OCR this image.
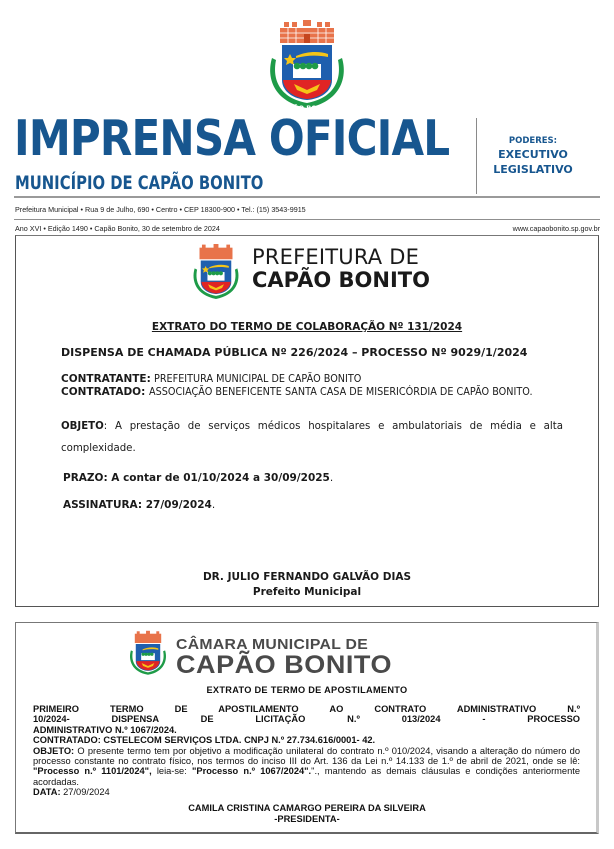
CAPÃO BONITO
IMPRENSA OFICIAL
MUNICÍPIO DE CAPÃO BONITO
PODERES:
EXECUTIVO
LEGISLATIVO
Prefeitura Municipal • Rua 9 de Julho, 690 • Centro • CEP 18300-900 • Tel.: (15) 3543-9915
Ano XVI • Edição 1490 • Capão Bonito, 30 de setembro de 2024	www.capaobonito.sp.gov.br
PREFEITURA DE
CAPÃO BONITO
EXTRATO DO TERMO DE COLABORAÇÃO Nº 131/2024
DISPENSA DE CHAMADA PÚBLICA Nº 226/2024 – PROCESSO Nº 9029/1/2024
CONTRATANTE: PREFEITURA MUNICIPAL DE CAPÃO BONITO
CONTRATADO: ASSOCIAÇÃO BENEFICENTE SANTA CASA DE MISERICÓRDIA DE CAPÃO BONITO.
OBJETO: A prestação de serviços médicos hospitalares e ambulatoriais de média e alta complexidade.
PRAZO: A contar de 01/10/2024 a 30/09/2025.
ASSINATURA: 27/09/2024.
DR. JULIO FERNANDO GALVÃO DIAS
Prefeito Municipal
CÂMARA MUNICIPAL DE
CAPÃO BONITO
EXTRATO DE TERMO DE APOSTILAMENTO
PRIMEIRO TERMO DE APOSTILAMENTO AO CONTRATO ADMINISTRATIVO N.º
10/2024- DISPENSA DE LICITAÇÃO N.º 013/2024 - PROCESSO
ADMINISTRATIVO N.º 1067/2024.
CONTRATADO: CSTELECOM SERVIÇOS LTDA. CNPJ N.º 27.734.616/0001- 42.
OBJETO: O presente termo tem por objetivo a modificação unilateral do contrato n.º 010/2024, visando a alteração do número do processo constante no contrato físico, nos termos do inciso III do Art. 136 da Lei n.º 14.133 de 1.º de abril de 2021, onde se lê: "Processo n.º 1101/2024", leia-se: "Processo n.º 1067/2024"."., mantendo as demais cláusulas e condições anteriormente acordadas.
DATA: 27/09/2024
CAMILA CRISTINA CAMARGO PEREIRA DA SILVEIRA
-PRESIDENTA-
